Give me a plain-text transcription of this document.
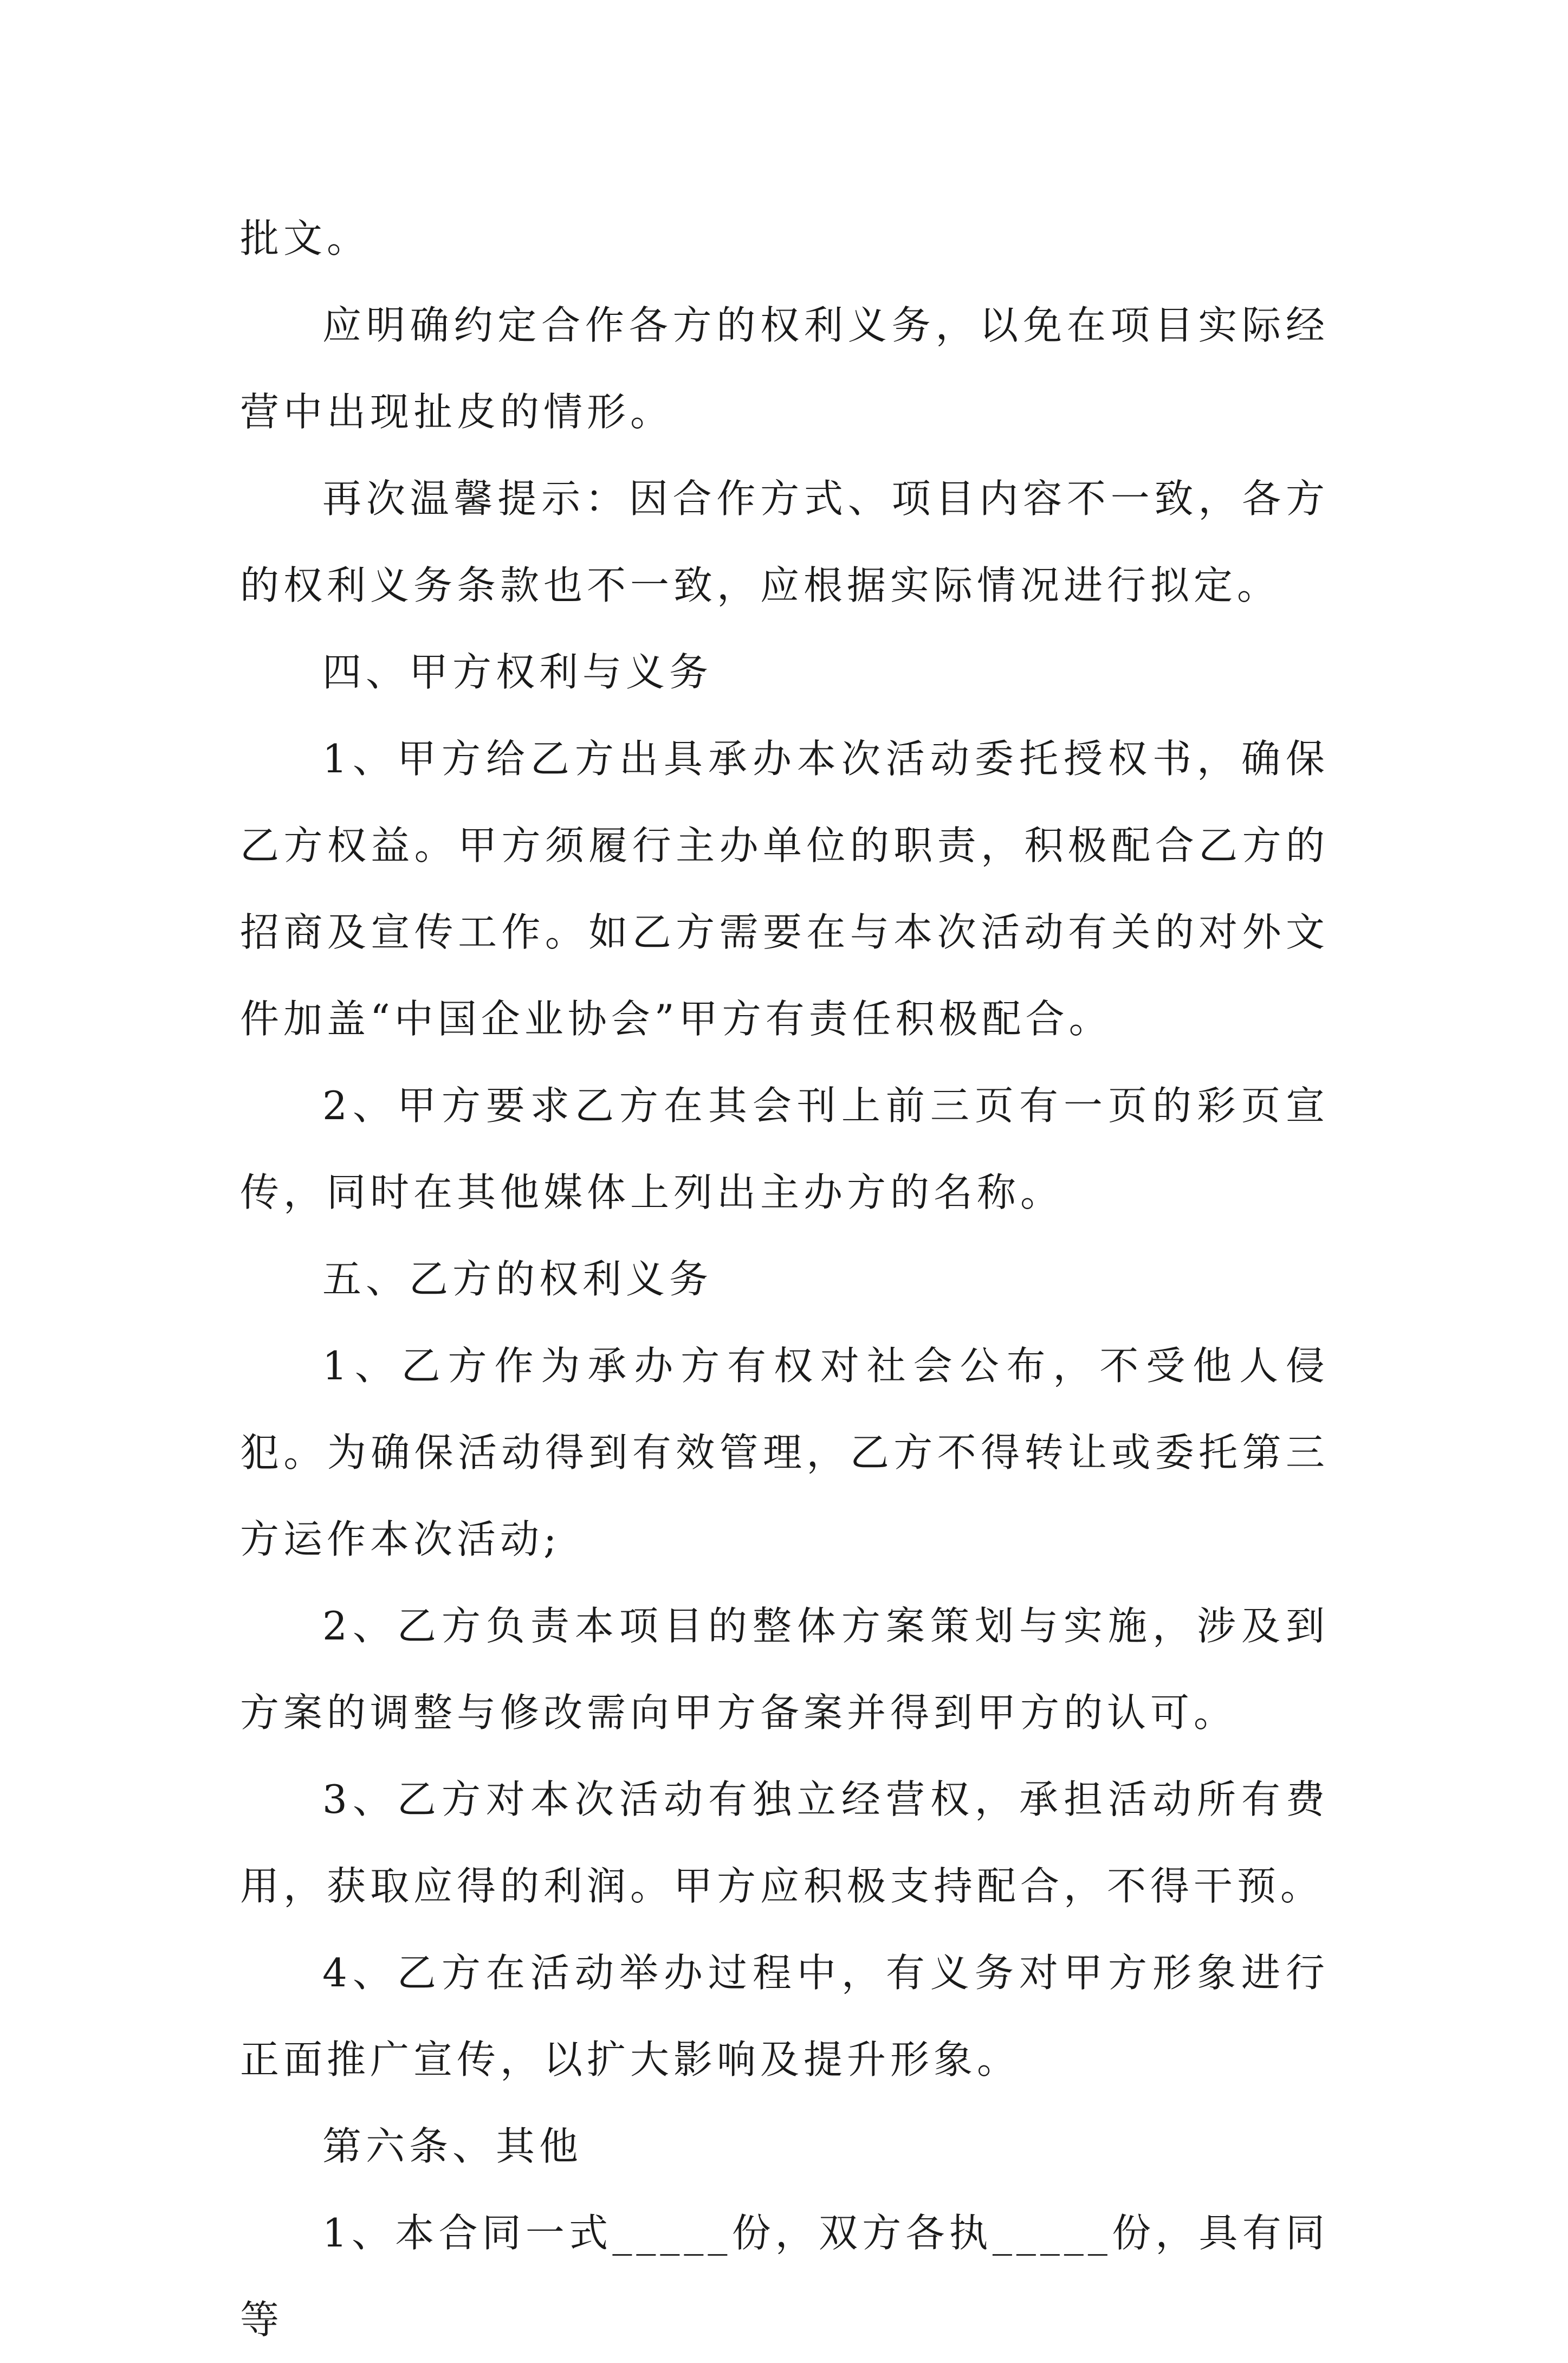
批文。

应明确约定合作各方的权利义务，以免在项目实际经营中出现扯皮的情形。

再次温馨提示：因合作方式、项目内容不一致，各方的权利义务条款也不一致，应根据实际情况进行拟定。

四、甲方权利与义务

1、甲方给乙方出具承办本次活动委托授权书，确保乙方权益。甲方须履行主办单位的职责，积极配合乙方的招商及宣传工作。如乙方需要在与本次活动有关的对外文件加盖“中国企业协会”甲方有责任积极配合。

2、甲方要求乙方在其会刊上前三页有一页的彩页宣传，同时在其他媒体上列出主办方的名称。

五、乙方的权利义务

1、乙方作为承办方有权对社会公布，不受他人侵犯。为确保活动得到有效管理，乙方不得转让或委托第三方运作本次活动;

2、乙方负责本项目的整体方案策划与实施，涉及到方案的调整与修改需向甲方备案并得到甲方的认可。

3、乙方对本次活动有独立经营权，承担活动所有费用，获取应得的利润。甲方应积极支持配合，不得干预。

4、乙方在活动举办过程中，有义务对甲方形象进行正面推广宣传，以扩大影响及提升形象。

第六条、其他

1、本合同一式_____份，双方各执_____份，具有同等
